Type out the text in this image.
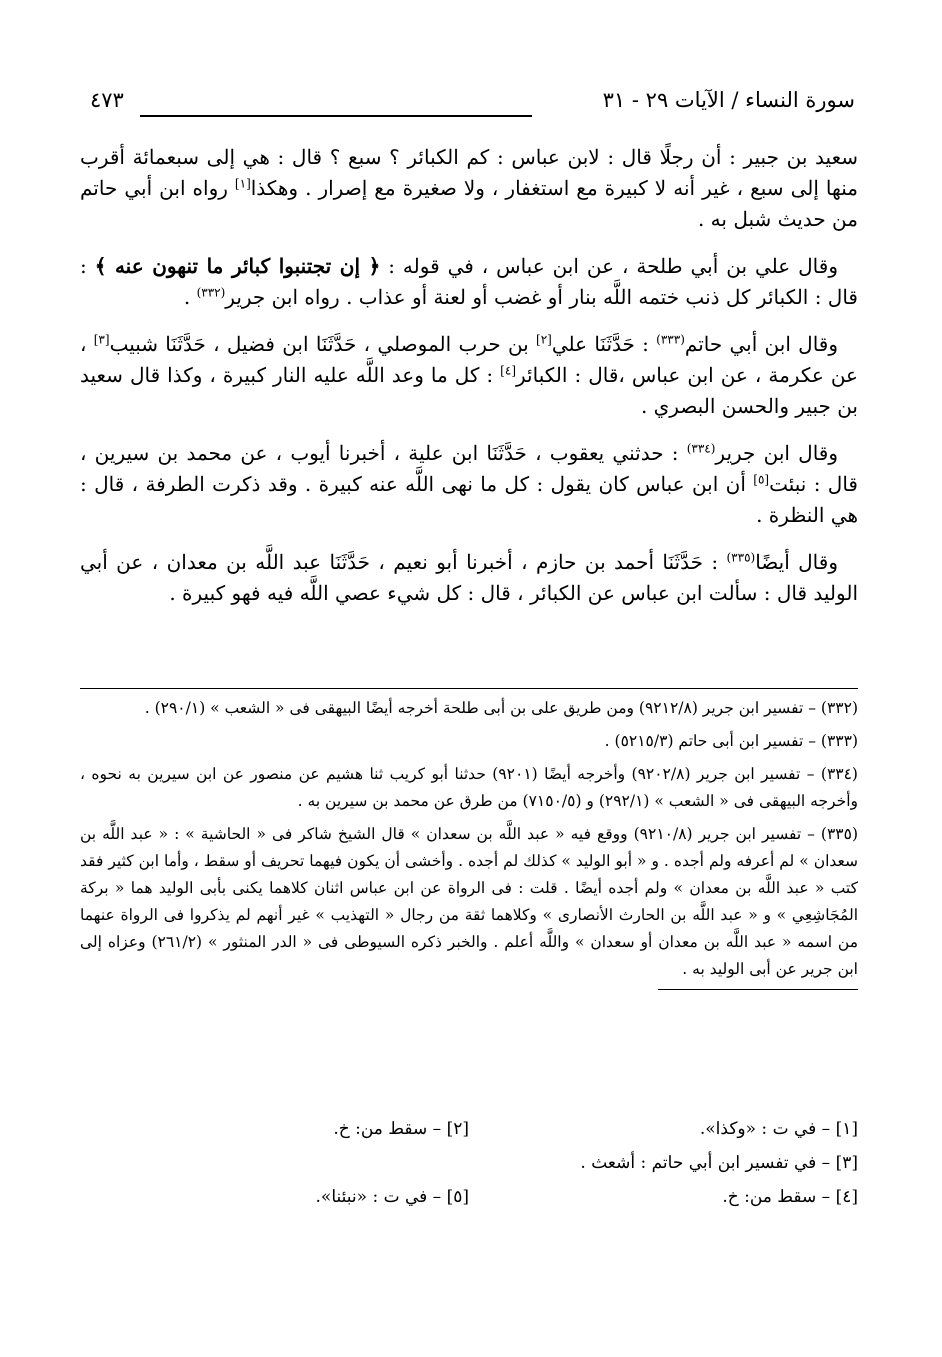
سورة النساء / الآيات ٢٩ - ٣١
٤٧٣

سعيد بن جبير : أن رجلًا قال : لابن عباس : كم الكبائر ؟ سبع ؟ قال : هي إلى سبعمائة أقرب منها إلى سبع ، غير أنه لا كبيرة مع استغفار ، ولا صغيرة مع إصرار . وهكذا[١] رواه ابن أبي حاتم من حديث شبل به .

وقال علي بن أبي طلحة ، عن ابن عباس ، في قوله : ﴿ إن تجتنبوا كبائر ما تنهون عنه ﴾ : قال : الكبائر كل ذنب ختمه اللَّه بنار أو غضب أو لعنة أو عذاب . رواه ابن جرير$^{(٣٣٢)}$ .

وقال ابن أبي حاتم$^{(٣٣٣)}$ : حَدَّثَنَا علي[٢] بن حرب الموصلي ، حَدَّثَنَا ابن فضيل ، حَدَّثَنَا شبيب[٣] ، عن عكرمة ، عن ابن عباس ،قال : الكبائر[٤] : كل ما وعد اللَّه عليه النار كبيرة ، وكذا قال سعيد بن جبير والحسن البصري .

وقال ابن جرير$^{(٣٣٤)}$ : حدثني يعقوب ، حَدَّثَنَا ابن علية ، أخبرنا أيوب ، عن محمد بن سيرين ، قال : نبئت[٥] أن ابن عباس كان يقول : كل ما نهى اللَّه عنه كبيرة . وقد ذكرت الطرفة ، قال : هي النظرة .

وقال أيضًا$^{(٣٣٥)}$ : حَدَّثَنَا أحمد بن حازم ، أخبرنا أبو نعيم ، حَدَّثَنَا عبد اللَّه بن معدان ، عن أبي الوليد قال : سألت ابن عباس عن الكبائر ، قال : كل شيء عصي اللَّه فيه فهو كبيرة .

(٣٣٢) – تفسير ابن جرير (٩٢١٢/٨) ومن طريق على بن أبى طلحة أخرجه أيضًا البيهقى فى « الشعب » (٢٩٠/١) .

(٣٣٣) – تفسير ابن أبى حاتم (٥٢١٥/٣) .

(٣٣٤) – تفسير ابن جرير (٩٢٠٢/٨) وأخرجه أيضًا (٩٢٠١) حدثنا أبو كريب ثنا هشيم عن منصور عن ابن سيرين به نحوه ، وأخرجه البيهقى فى « الشعب » (٢٩٢/١) و (٧١٥٠/٥) من طرق عن محمد بن سيرين به .

(٣٣٥) – تفسير ابن جرير (٩٢١٠/٨) ووقع فيه « عبد اللَّه بن سعدان » قال الشيخ شاكر فى « الحاشية » : « عبد اللَّه بن سعدان » لم أعرفه ولم أجده . و « أبو الوليد » كذلك لم أجده . وأخشى أن يكون فيهما تحريف أو سقط ، وأما ابن كثير فقد كتب « عبد اللَّه بن معدان » ولم أجده أيضًا . قلت : فى الرواة عن ابن عباس اثنان كلاهما يكنى بأبى الوليد هما « بركة المُجَاشِعِي » و « عبد اللَّه بن الحارث الأنصارى » وكلاهما ثقة من رجال « التهذيب » غير أنهم لم يذكروا فى الرواة عنهما من اسمه « عبد اللَّه بن معدان أو سعدان » واللَّه أعلم . والخبر ذكره السيوطى فى « الدر المنثور » (٢٦١/٢) وعزاه إلى ابن جرير عن أبى الوليد به .

[١] – في ت : «وكذا».
[٢] – سقط من: خ.
[٣] – في تفسير ابن أبي حاتم : أشعث .
[٤] – سقط من: خ.
[٥] – في ت : «نبئنا».
